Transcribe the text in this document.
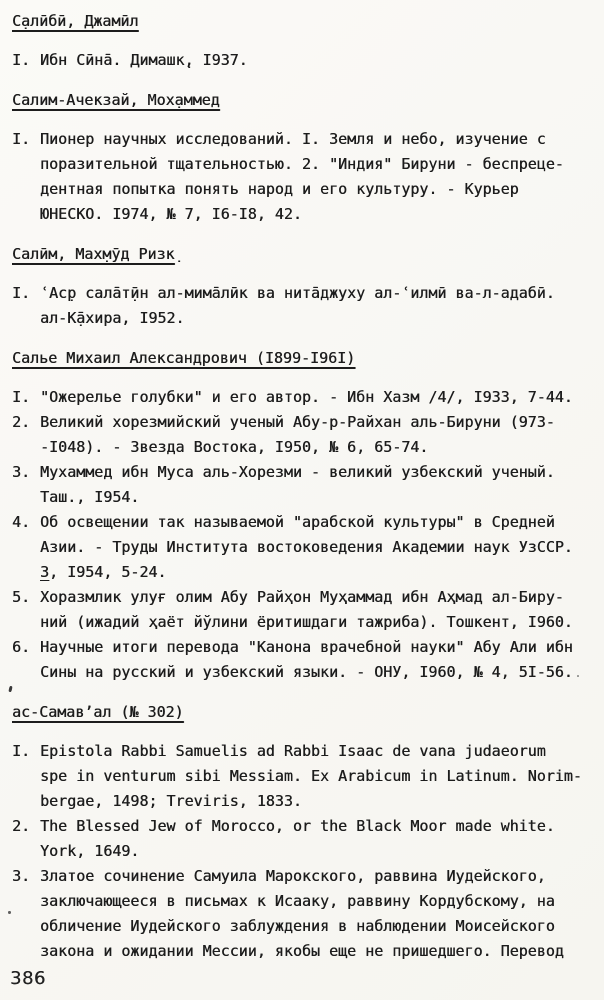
С̣алӣбӣ, Джамӣл
I. Ибн Сӣна̄. Димашк̣, I937.
Салим-Ачекзай, Мох̣аммед
I. Пионер научных исследований. I. Земля и небо, изучение с
поразительной тщательностью. 2. "Индия" Бируни - беспреце-
дентная попытка понять народ и его культуру. - Курьер
ЮНЕСКО. I974, № 7, I6-I8, 42.
Салӣм, Мах̣мӯд Ризк̣
I. ʿАс̣р сала̄т̣ӣн ал-мима̄лӣк ва нита̄джуху ал-ʿилмӣ ва-л-адабӣ.
ал-К̣а̄хира, I952.
Салье Михаил Александрович (I899-I96I)
I. "Ожерелье голубки" и его автор. - Ибн Хазм /4/, I933, 7-44.
2. Великий хорезмийский ученый Абу-р-Райхан аль-Бируни (973-
-I048). - Звезда Востока, I950, № 6, 65-74.
3. Мухаммед ибн Муса аль-Хорезми - великий узбекский ученый.
Таш., I954.
4. Об освещении так называемой "арабской культуры" в Средней
Азии. - Труды Института востоковедения Академии наук УзССР.
3, I954, 5-24.
5. Хоразмлик улуғ олим Абу Райҳон Муҳаммад ибн Аҳмад ал-Биру-
ний (ижадий ҳаёт йўлини ёритишдаги тажриба). Тошкент, I960.
6. Научные итоги перевода "Канона врачебной науки" Абу Али ибн
Сины на русский и узбекский языки. - ОНУ, I960, № 4, 5I-56.
ас-Самавʼал (№ 302)
I. Epistola Rabbi Samuelis ad Rabbi Isaac de vana judaeorum
spe in venturum sibi Messiam. Ex Arabicum in Latinum. Norim-
bergae, 1498; Treviris, 1833.
2. The Blessed Jew of Morocco, or the Black Moor made white.
York, 1649.
3. Златое сочинение Самуила Марокского, раввина Иудейского,
заключающееся в письмах к Исааку, раввину Кордубскому, на
обличение Иудейского заблуждения в наблюдении Моисейского
закона и ожидании Мессии, якобы еще не пришедшего. Перевод
386
